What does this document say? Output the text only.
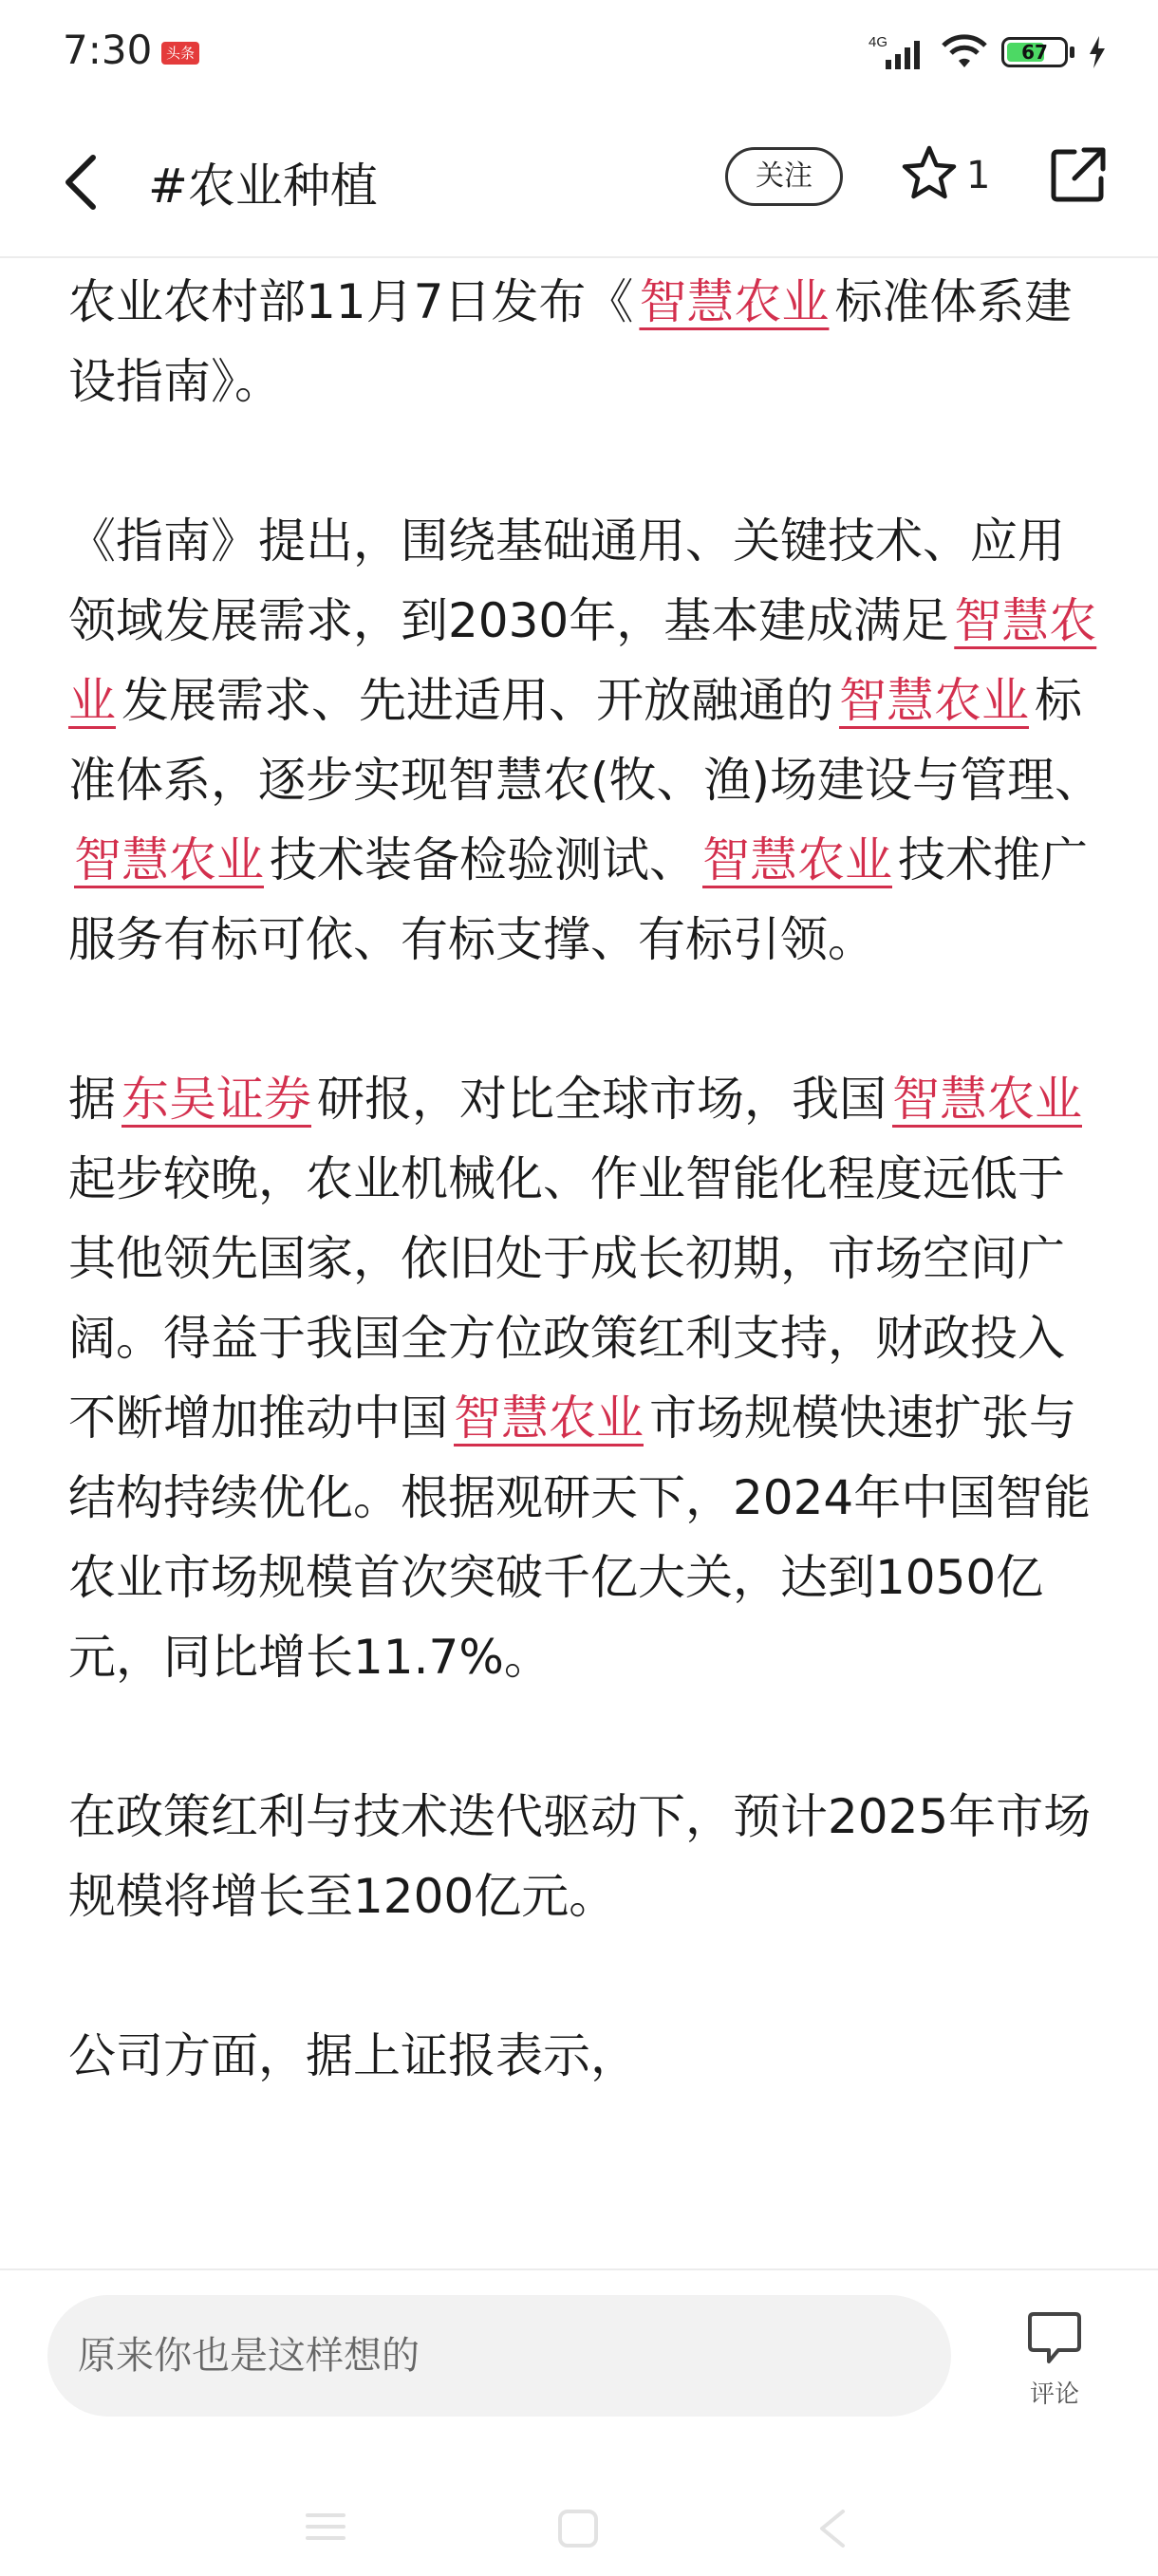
7:30 头条
4G	67
#农业种植	关注	1

农业农村部11月7日发布《 智慧农业 标准体系建设指南》。

《指南》提出，围绕基础通用、关键技术、应用领域发展需求，到2030年，基本建成满足 智慧农业 发展需求、先进适用、开放融通的 智慧农业 标准体系，逐步实现智慧农(牧、渔)场建设与管理、智慧农业 技术装备检验测试、 智慧农业 技术推广服务有标可依、有标支撑、有标引领。

据 东吴证券 研报，对比全球市场，我国 智慧农业起步较晚，农业机械化、作业智能化程度远低于其他领先国家，依旧处于成长初期，市场空间广阔。得益于我国全方位政策红利支持，财政投入不断增加推动中国 智慧农业 市场规模快速扩张与结构持续优化。根据观研天下，2024年中国智能农业市场规模首次突破千亿大关，达到1050亿元，同比增长11.7%。

在政策红利与技术迭代驱动下，预计2025年市场规模将增长至1200亿元。

公司方面，据上证报表示，

原来你也是这样想的
评论
